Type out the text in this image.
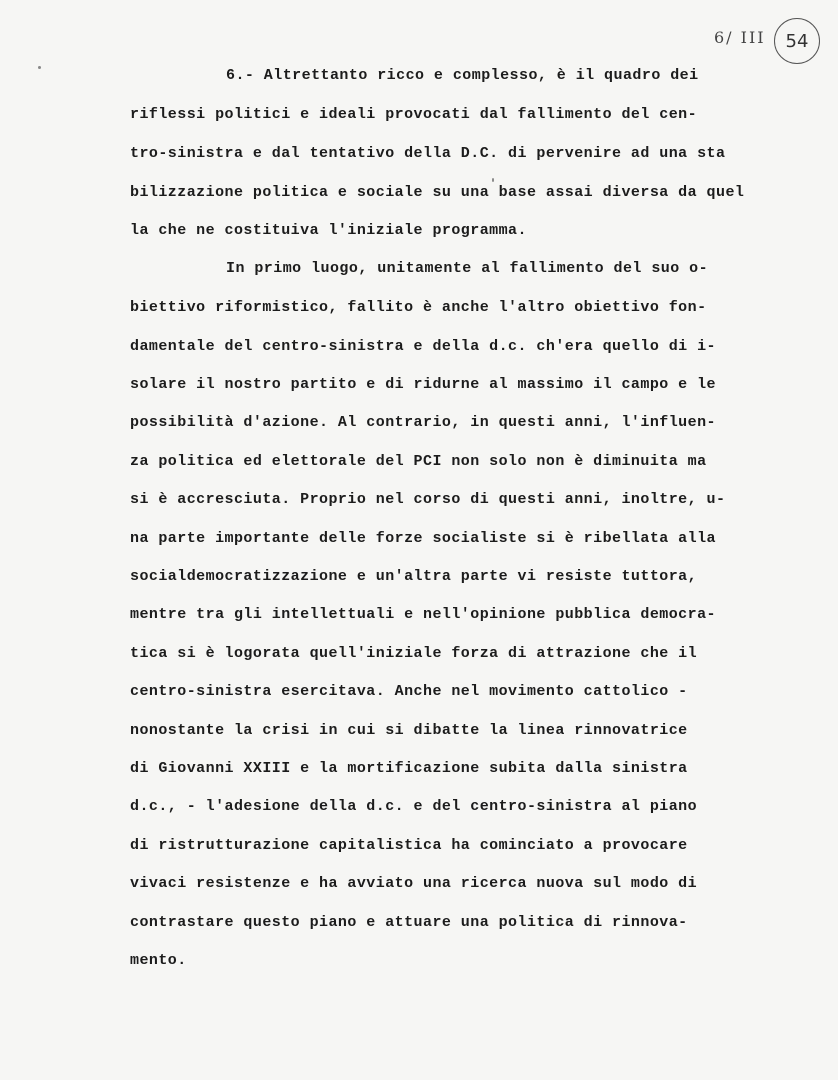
6/ III 54
6.- Altrettanto ricco e complesso, è il quadro dei
riflessi politici e ideali provocati dal fallimento del cen-
tro-sinistra e dal tentativo della D.C. di pervenire ad una sta
bilizzazione politica e sociale su una base assai diversa da quel
la che ne costituiva l'iniziale programma.
In primo luogo, unitamente al fallimento del suo o-
biettivo riformistico, fallito è anche l'altro obiettivo fon-
damentale del centro-sinistra e della d.c. ch'era quello di i-
solare il nostro partito e di ridurne al massimo il campo e le
possibilità d'azione. Al contrario, in questi anni, l'influen-
za politica ed elettorale del PCI non solo non è diminuita ma
si è accresciuta. Proprio nel corso di questi anni, inoltre, u-
na parte importante delle forze socialiste si è ribellata alla
socialdemocratizzazione e un'altra parte vi resiste tuttora,
mentre tra gli intellettuali e nell'opinione pubblica democra-
tica si è logorata quell'iniziale forza di attrazione che il
centro-sinistra esercitava. Anche nel movimento cattolico -
nonostante la crisi in cui si dibatte la linea rinnovatrice
di Giovanni XXIII e la mortificazione subita dalla sinistra
d.c., - l'adesione della d.c. e del centro-sinistra al piano
di ristrutturazione capitalistica ha cominciato a provocare
vivaci resistenze e ha avviato una ricerca nuova sul modo di
contrastare questo piano e attuare una politica di rinnova-
mento.
